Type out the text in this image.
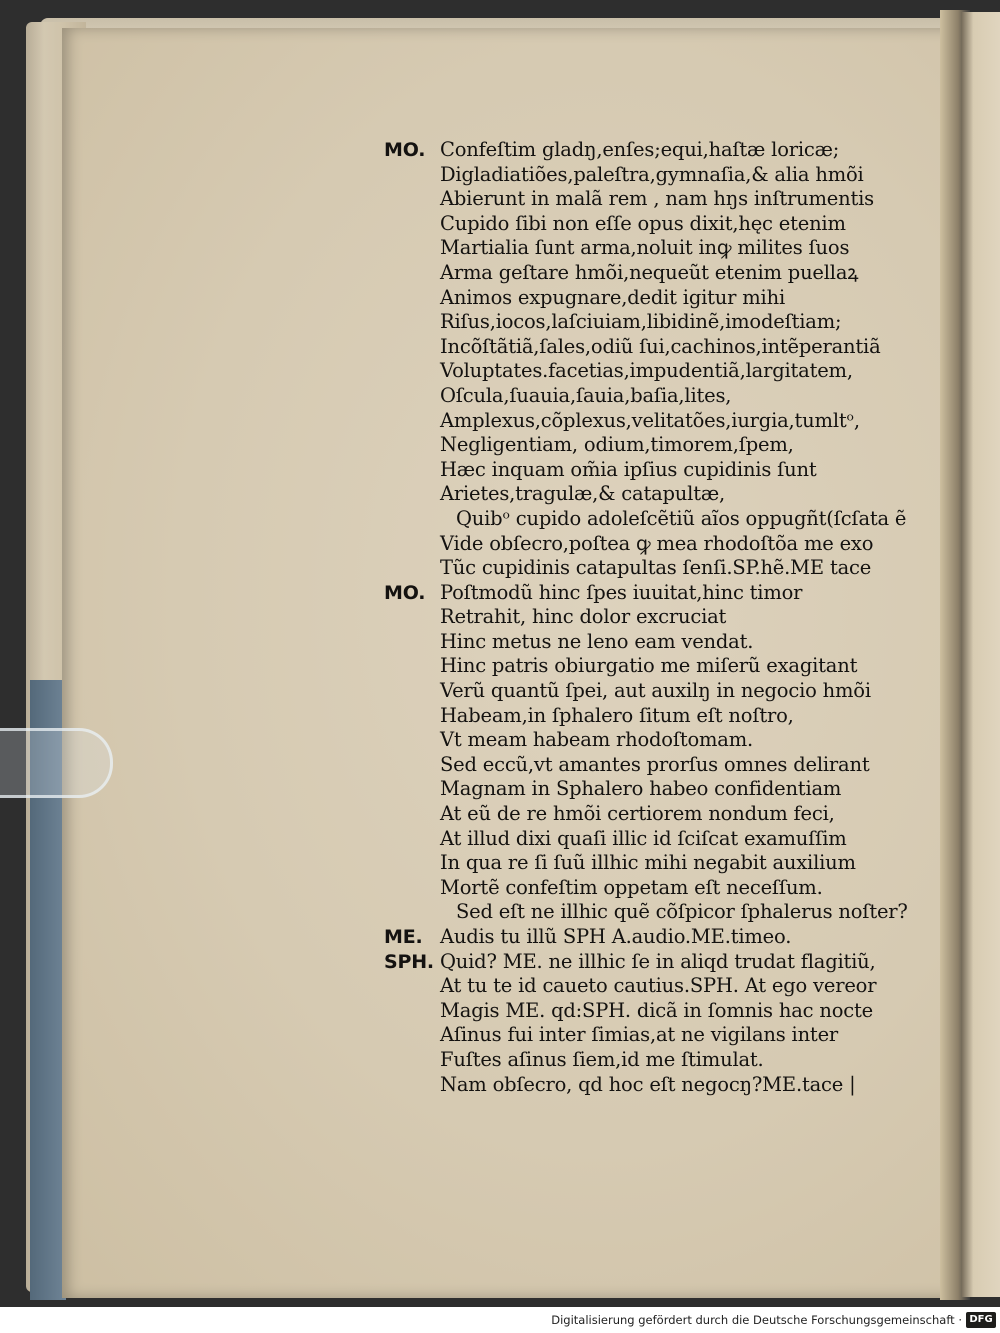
MO. Confeſtim gladŋ,enſes;equi,haſtæ loricæ;
Digladiatiões,paleſtra,gymnaſia,& alia hmõi
Abierunt in malã rem , nam hŋs inſtrumentis
Cupido ſibi non eſſe opus dixit,hęc etenim
Martialia ſunt arma,noluit inꝙ milites ſuos
Arma geſtare hmõi,nequeũt etenim puellaꝝ
Animos expugnare,dedit igitur mihi
Riſus,iocos,laſciuiam,libidinẽ,imodeſtiam;
Incõſtãtiã,ſales,odiũ ſui,cachinos,intẽperantiã
Voluptates.facetias,impudentiã,largitatem,
Oſcula,ſuauia,ſauia,baſia,lites,
Amplexus,cõplexus,velitatões,iurgia,tumltᵒ,
Negligentiam, odium,timorem,ſpem,
Hæc inquam om̃ia ipſius cupidinis ſunt
Arietes,tragulæ,& catapultæ,
Quibᵒ cupido adoleſcẽtiũ aĩos oppugñt(ſcſata ẽ
Vide obſecro,poſtea ꝙ mea rhodoſtõa me exo
Tũc cupidinis catapultas ſenſi.SP.hẽ.ME tace
MO. Poſtmodũ hinc ſpes iuuitat,hinc timor
Retrahit, hinc dolor excruciat
Hinc metus ne leno eam vendat.
Hinc patris obiurgatio me miſerũ exagitant
Verũ quantũ ſpei, aut auxilŋ in negocio hmõi
Habeam,in ſphalero ſitum eſt noſtro,
Vt meam habeam rhodoſtomam.
Sed eccũ,vt amantes prorſus omnes delirant
Magnam in Sphalero habeo confidentiam
At eũ de re hmõi certiorem nondum feci,
At illud dixi quaſi illic id ſciſcat examuſſim
In qua re ſi ſuũ illhic mihi negabit auxilium
Mortẽ confeſtim oppetam eſt neceſſum.
Sed eſt ne illhic quẽ cõſpicor ſphalerus noſter?
ME. Audis tu illũ SPH A.audio.ME.timeo.
SPH. Quid? ME. ne illhic ſe in aliqd trudat flagitiũ,
At tu te id caueto cautius.SPH. At ego vereor
Magis ME. qd:SPH. dicã in ſomnis hac nocte
Aſinus fui inter ſimias,at ne vigilans inter
Fuſtes aſinus ſiem,id me ſtimulat.
Nam obſecro, qd hoc eſt negocŋ?ME.tace |
Digitalisierung gefördert durch die Deutsche Forschungsgemeinschaft · DFG
